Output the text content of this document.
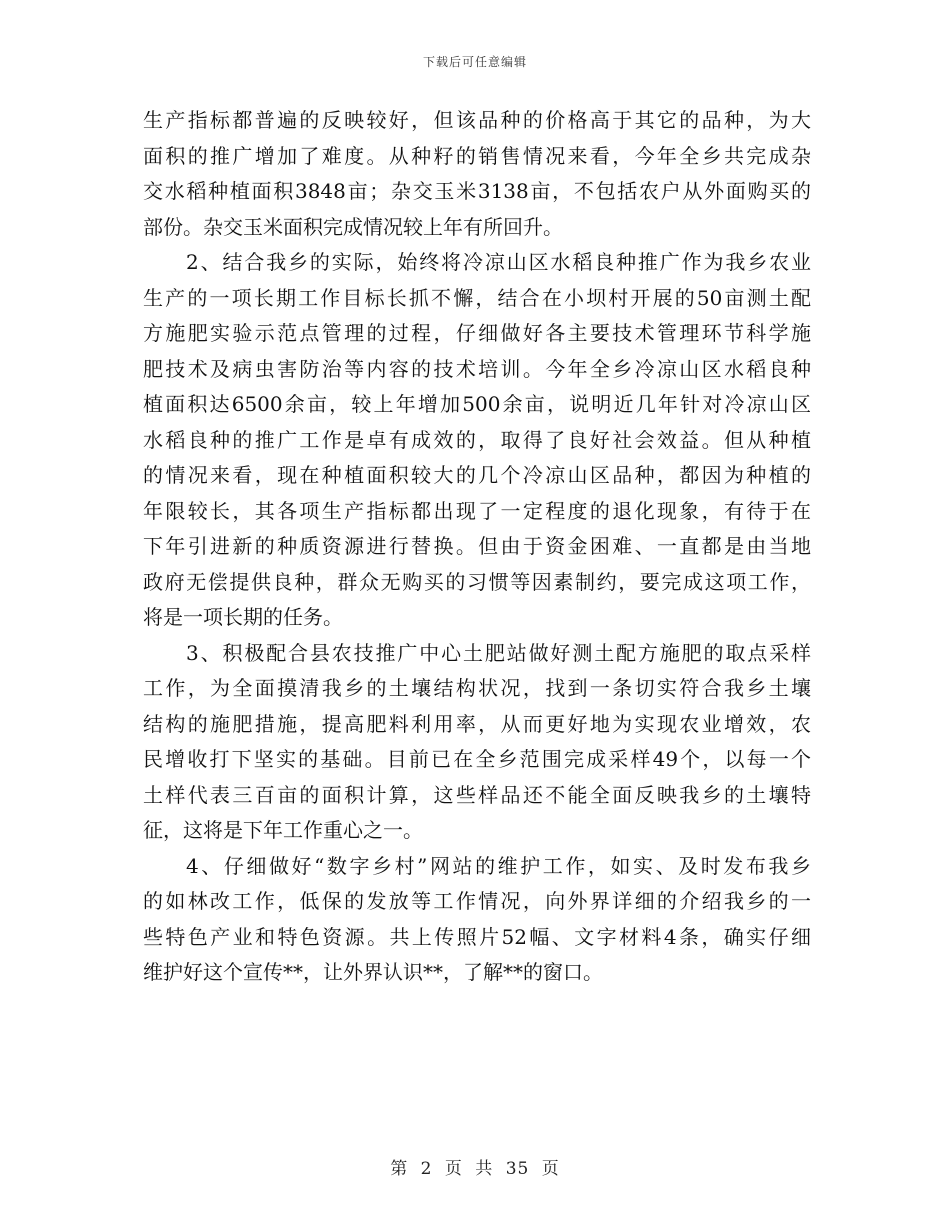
下载后可任意编辑
生产指标都普遍的反映较好，但该品种的价格高于其它的品种，为大
面积的推广增加了难度。从种籽的销售情况来看，今年全乡共完成杂
交水稻种植面积3848亩；杂交玉米3138亩，不包括农户从外面购买的
部份。杂交玉米面积完成情况较上年有所回升。
2、结合我乡的实际，始终将冷凉山区水稻良种推广作为我乡农业
生产的一项长期工作目标长抓不懈，结合在小坝村开展的50亩测土配
方施肥实验示范点管理的过程，仔细做好各主要技术管理环节科学施
肥技术及病虫害防治等内容的技术培训。今年全乡冷凉山区水稻良种
植面积达6500余亩，较上年增加500余亩，说明近几年针对冷凉山区
水稻良种的推广工作是卓有成效的，取得了良好社会效益。但从种植
的情况来看，现在种植面积较大的几个冷凉山区品种，都因为种植的
年限较长，其各项生产指标都出现了一定程度的退化现象，有待于在
下年引进新的种质资源进行替换。但由于资金困难、一直都是由当地
政府无偿提供良种，群众无购买的习惯等因素制约，要完成这项工作，
将是一项长期的任务。
3、积极配合县农技推广中心土肥站做好测土配方施肥的取点采样
工作，为全面摸清我乡的土壤结构状况，找到一条切实符合我乡土壤
结构的施肥措施，提高肥料利用率，从而更好地为实现农业增效，农
民增收打下坚实的基础。目前已在全乡范围完成采样49个，以每一个
土样代表三百亩的面积计算，这些样品还不能全面反映我乡的土壤特
征，这将是下年工作重心之一。
4、仔细做好“数字乡村”网站的维护工作，如实、及时发布我乡
的如林改工作，低保的发放等工作情况，向外界详细的介绍我乡的一
些特色产业和特色资源。共上传照片52幅、文字材料4条，确实仔细
维护好这个宣传**，让外界认识**，了解**的窗口。
第 2 页 共 35 页
